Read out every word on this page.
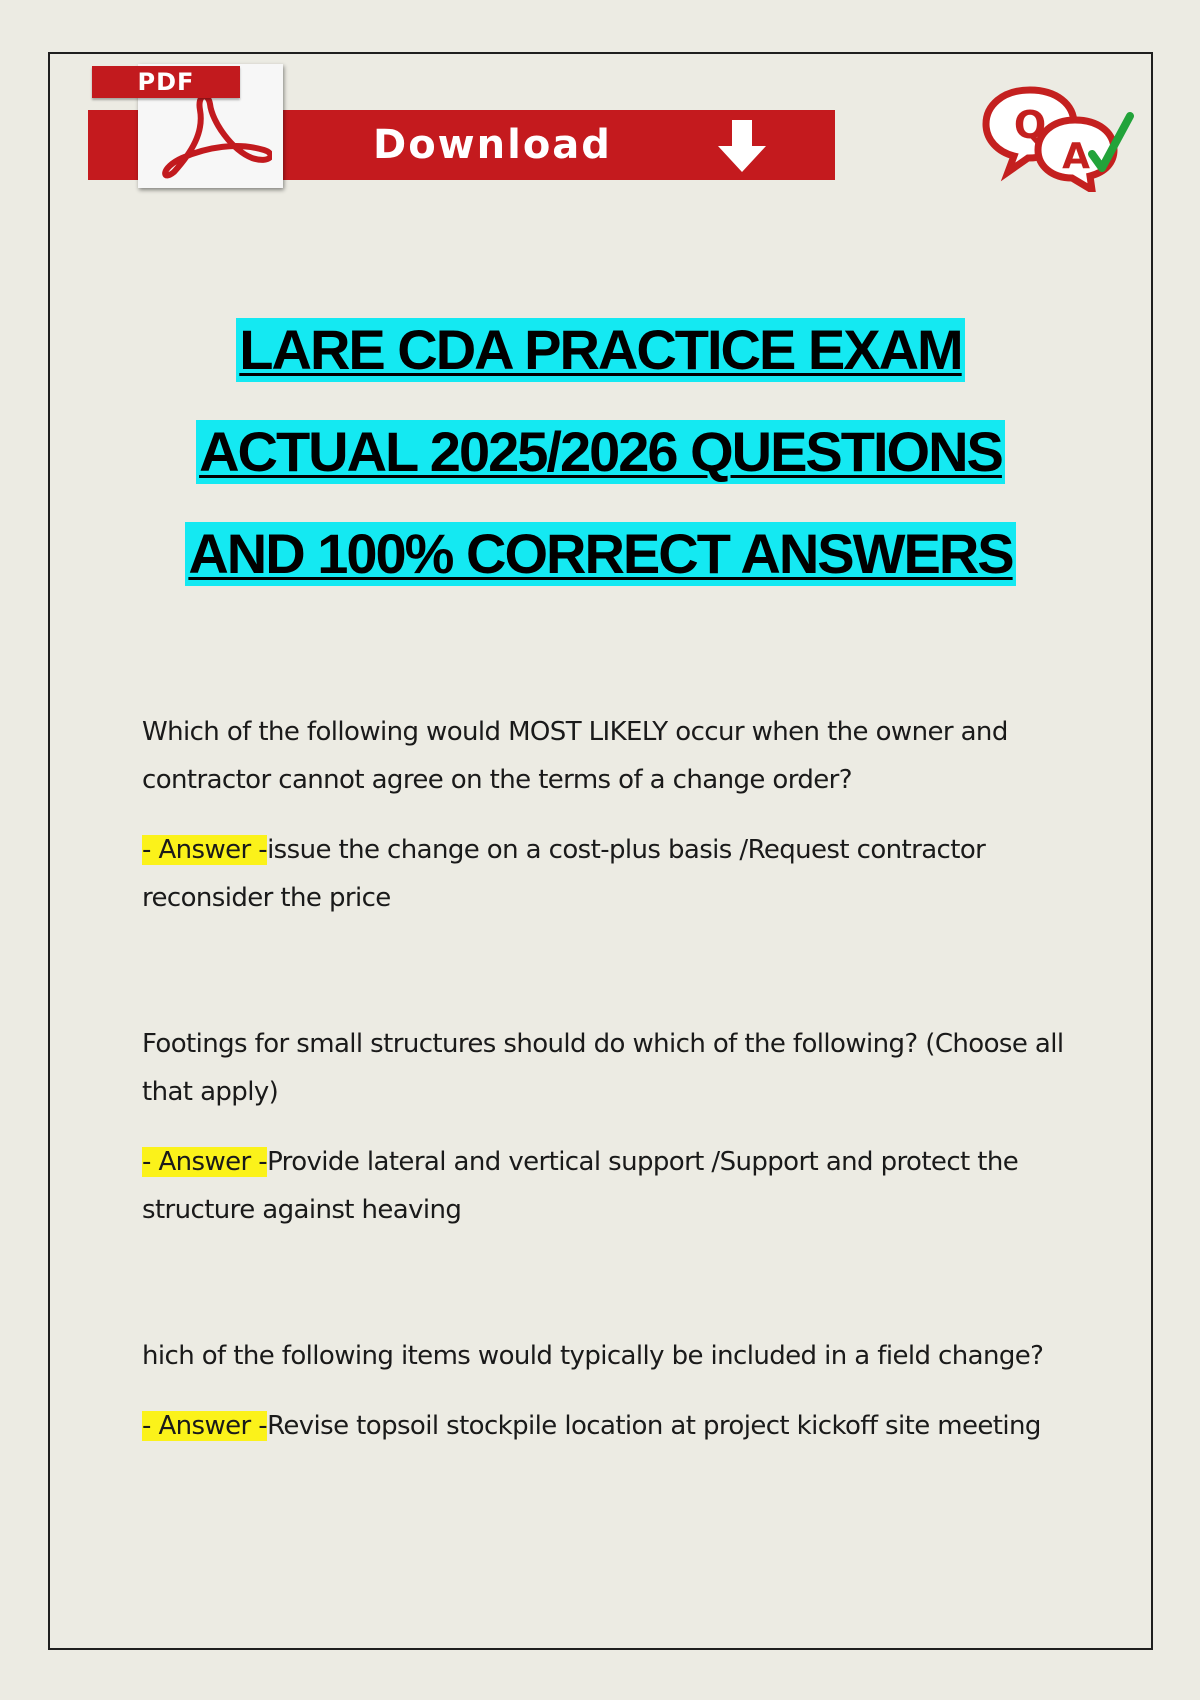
PDF
Download	Q
A
LARE CDA PRACTICE EXAM
ACTUAL 2025/2026 QUESTIONS
AND 100% CORRECT ANSWERS

Which of the following would MOST LIKELY occur when the owner and contractor cannot agree on the terms of a change order?

- Answer -issue the change on a cost-plus basis /Request contractor reconsider the price

Footings for small structures should do which of the following? (Choose all that apply)

- Answer -Provide lateral and vertical support /Support and protect the structure against heaving

hich of the following items would typically be included in a field change?

- Answer -Revise topsoil stockpile location at project kickoff site meeting
